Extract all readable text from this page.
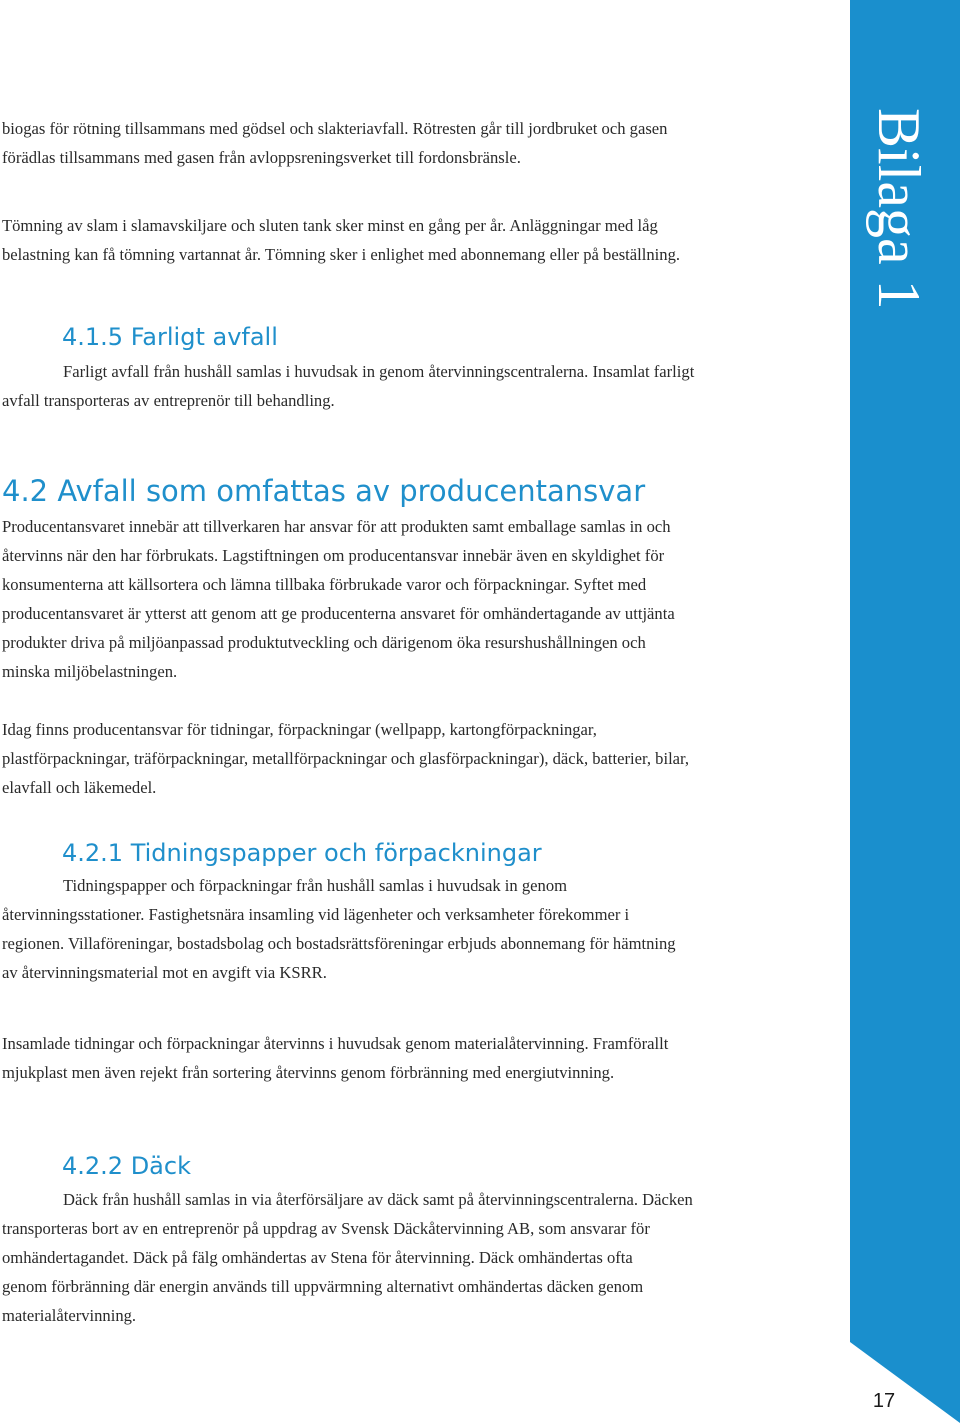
Bilaga 1

biogas för rötning tillsammans med gödsel och slakteriavfall. Rötresten går till jordbruket och gasen
förädlas tillsammans med gasen från avloppsreningsverket till fordonsbränsle.

Tömning av slam i slamavskiljare och sluten tank sker minst en gång per år. Anläggningar med låg
belastning kan få tömning vartannat år. Tömning sker i enlighet med abonnemang eller på beställning.

4.1.5 Farligt avfall

Farligt avfall från hushåll samlas i huvudsak in genom återvinningscentralerna. Insamlat farligt
avfall transporteras av entreprenör till behandling.

4.2 Avfall som omfattas av producentansvar

Producentansvaret innebär att tillverkaren har ansvar för att produkten samt emballage samlas in och
återvinns när den har förbrukats. Lagstiftningen om producentansvar innebär även en skyldighet för
konsumenterna att källsortera och lämna tillbaka förbrukade varor och förpackningar. Syftet med
producentansvaret är ytterst att genom att ge producenterna ansvaret för omhändertagande av uttjänta
produkter driva på miljöanpassad produktutveckling och därigenom öka resurshushållningen och
minska miljöbelastningen.

Idag finns producentansvar för tidningar, förpackningar (wellpapp, kartongförpackningar,
plastförpackningar, träförpackningar, metallförpackningar och glasförpackningar), däck, batterier, bilar,
elavfall och läkemedel.

4.2.1 Tidningspapper och förpackningar

Tidningspapper och förpackningar från hushåll samlas i huvudsak in genom
återvinningsstationer. Fastighetsnära insamling vid lägenheter och verksamheter förekommer i
regionen. Villaföreningar, bostadsbolag och bostadsrättsföreningar erbjuds abonnemang för hämtning
av återvinningsmaterial mot en avgift via KSRR.

Insamlade tidningar och förpackningar återvinns i huvudsak genom materialåtervinning. Framförallt
mjukplast men även rejekt från sortering återvinns genom förbränning med energiutvinning.

4.2.2 Däck

Däck från hushåll samlas in via återförsäljare av däck samt på återvinningscentralerna. Däcken
transporteras bort av en entreprenör på uppdrag av Svensk Däckåtervinning AB, som ansvarar för
omhändertagandet. Däck på fälg omhändertas av Stena för återvinning. Däck omhändertas ofta
genom förbränning där energin används till uppvärmning alternativt omhändertas däcken genom
materialåtervinning.

17
